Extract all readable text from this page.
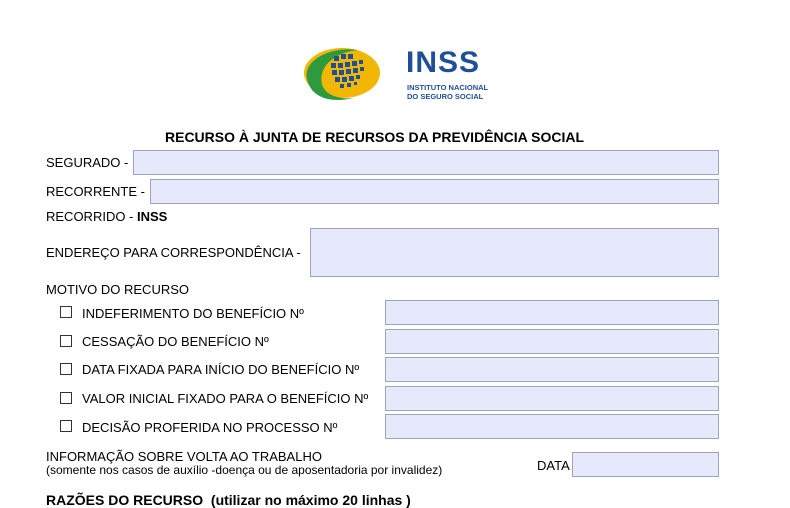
INSS
INSTITUTO NACIONAL
DO SEGURO SOCIAL
RECURSO À JUNTA DE RECURSOS DA PREVIDÊNCIA SOCIAL
SEGURADO -
RECORRENTE -
RECORRIDO - INSS
ENDEREÇO PARA CORRESPONDÊNCIA -
MOTIVO DO RECURSO
INDEFERIMENTO DO BENEFÍCIO Nº
CESSAÇÃO DO BENEFÍCIO Nº
DATA FIXADA PARA INÍCIO DO BENEFÍCIO Nº
VALOR INICIAL FIXADO PARA O BENEFÍCIO Nº
DECISÃO PROFERIDA NO PROCESSO Nº
INFORMAÇÃO SOBRE VOLTA AO TRABALHO
(somente nos casos de auxílio -doença ou de aposentadoria por invalidez)	DATA
RAZÕES DO RECURSO (utilizar no máximo 20 linhas )
